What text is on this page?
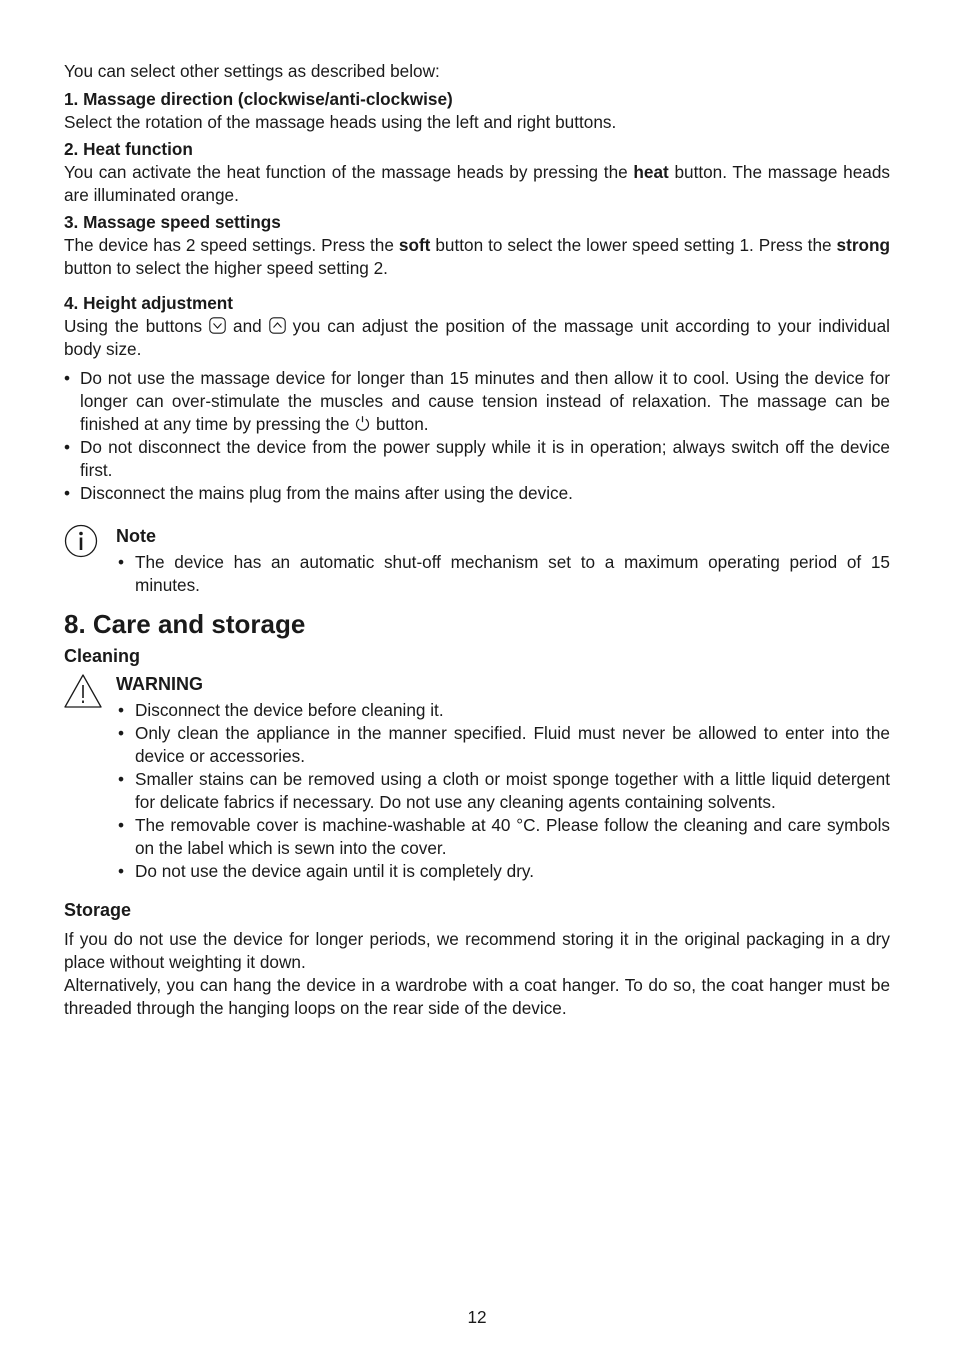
You can select other settings as described below:

1. Massage direction (clockwise/anti-clockwise)

Select the rotation of the massage heads using the left and right buttons.

2. Heat function

You can activate the heat function of the massage heads by pressing the heat button. The massage heads are illuminated orange.

3. Massage speed settings

The device has 2 speed settings. Press the soft button to select the lower speed setting 1. Press the strong button to select the higher speed setting 2.

4. Height adjustment

Using the buttons
and
you can adjust the position of the massage unit according to your individual body size.

• Do not use the massage device for longer than 15 minutes and then allow it to cool. Using the device for longer can over-stimulate the muscles and cause tension instead of relaxation. The massage can be finished at any time by pressing the
button.
• Do not disconnect the device from the power supply while it is in operation; always switch off the device first.
• Disconnect the mains plug from the mains after using the device.

Note

• The device has an automatic shut-off mechanism set to a maximum operating period of 15 minutes.

8. Care and storage

Cleaning

WARNING

• Disconnect the device before cleaning it.
• Only clean the appliance in the manner specified. Fluid must never be allowed to enter into the device or accessories.
• Smaller stains can be removed using a cloth or moist sponge together with a little liquid detergent for delicate fabrics if necessary. Do not use any cleaning agents containing solvents.
• The removable cover is machine-washable at 40 °C. Please follow the cleaning and care symbols on the label which is sewn into the cover.
• Do not use the device again until it is completely dry.

Storage

If you do not use the device for longer periods, we recommend storing it in the original packaging in a dry place without weighting it down.

Alternatively, you can hang the device in a wardrobe with a coat hanger. To do so, the coat hanger must be threaded through the hanging loops on the rear side of the device.

12
